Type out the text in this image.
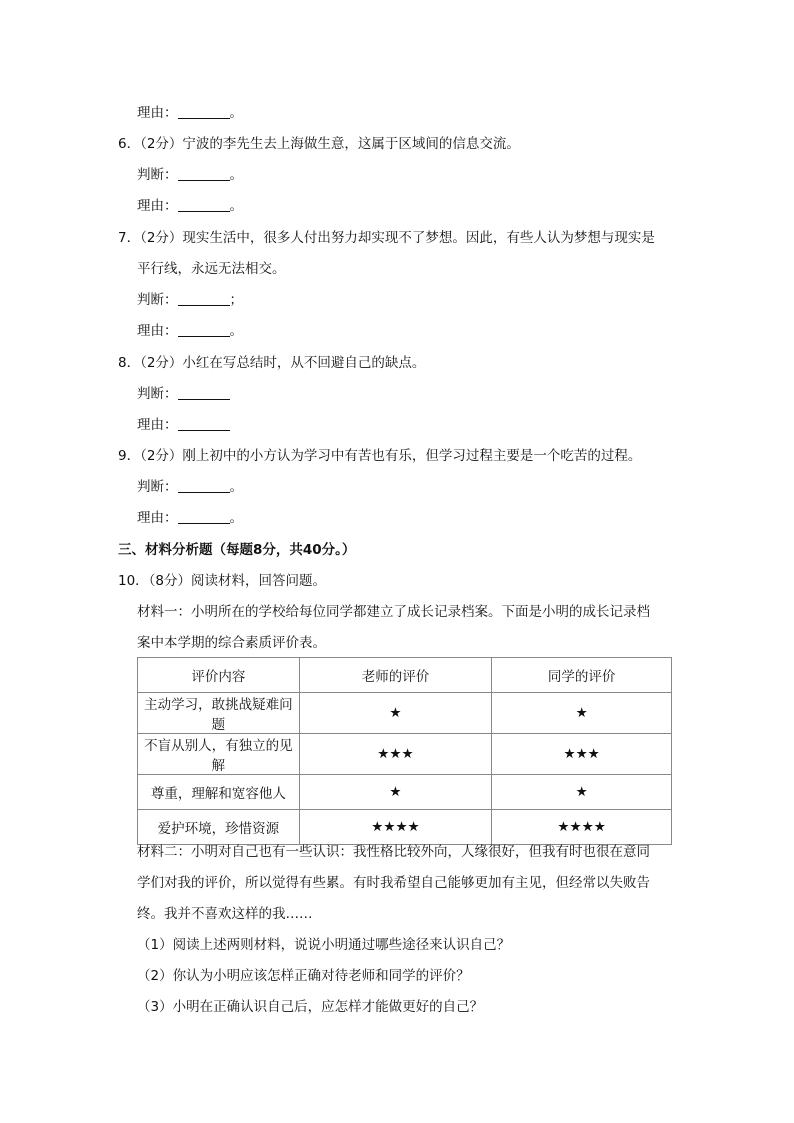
理由：	。
6．（2分）宁波的李先生去上海做生意，这属于区域间的信息交流。
判断：	。
理由：	。
7．（2分）现实生活中，很多人付出努力却实现不了梦想。因此，有些人认为梦想与现实是
平行线，永远无法相交。
判断：	；
理由：	。
8．（2分）小红在写总结时，从不回避自己的缺点。
判断：
理由：
9．（2分）刚上初中的小方认为学习中有苦也有乐，但学习过程主要是一个吃苦的过程。
判断：	。
理由：	。
三、材料分析题（每题8分，共40分。）
10．（8分）阅读材料，回答问题。
材料一：小明所在的学校给每位同学都建立了成长记录档案。下面是小明的成长记录档
案中本学期的综合素质评价表。
评价内容	老师的评价	同学的评价
主动学习，敢挑战疑难问题	★	★
不盲从别人，有独立的见解	★★★	★★★
尊重，理解和宽容他人	★	★
爱护环境，珍惜资源	★★★★	★★★★
材料二：小明对自己也有一些认识：我性格比较外向，人缘很好，但我有时也很在意同
学们对我的评价，所以觉得有些累。有时我希望自己能够更加有主见，但经常以失败告
终。我并不喜欢这样的我……
（1）阅读上述两则材料，说说小明通过哪些途径来认识自己？
（2）你认为小明应该怎样正确对待老师和同学的评价？
（3）小明在正确认识自己后，应怎样才能做更好的自己？
